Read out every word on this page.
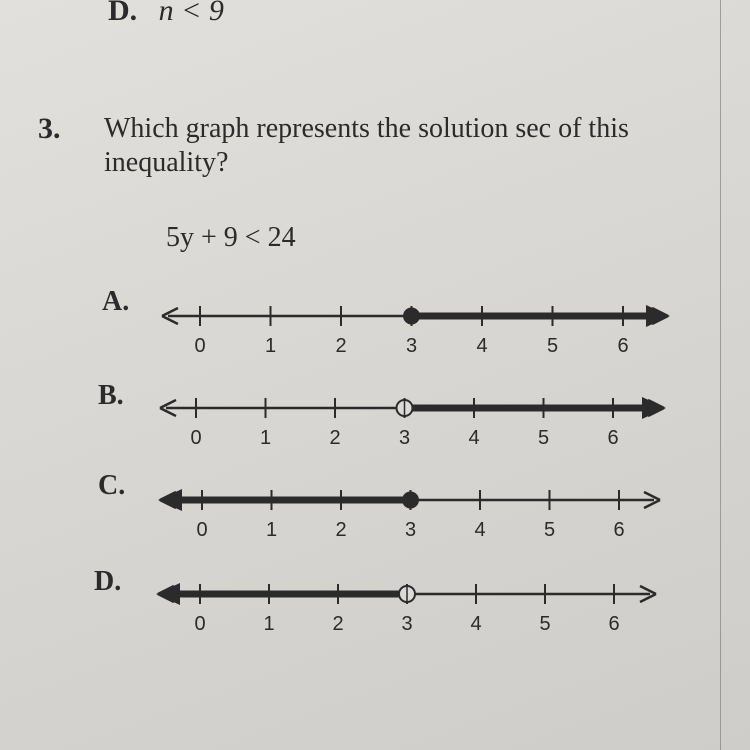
D. n < 9
3. Which graph represents the solution sec of this inequality?
5y + 9 < 24
A.
B.
C.
D.
0	1	2	3	4	5	6
0	1	2	3	4	5	6
0	1	2	3	4	5	6
0	1	2	3	4	5	6
